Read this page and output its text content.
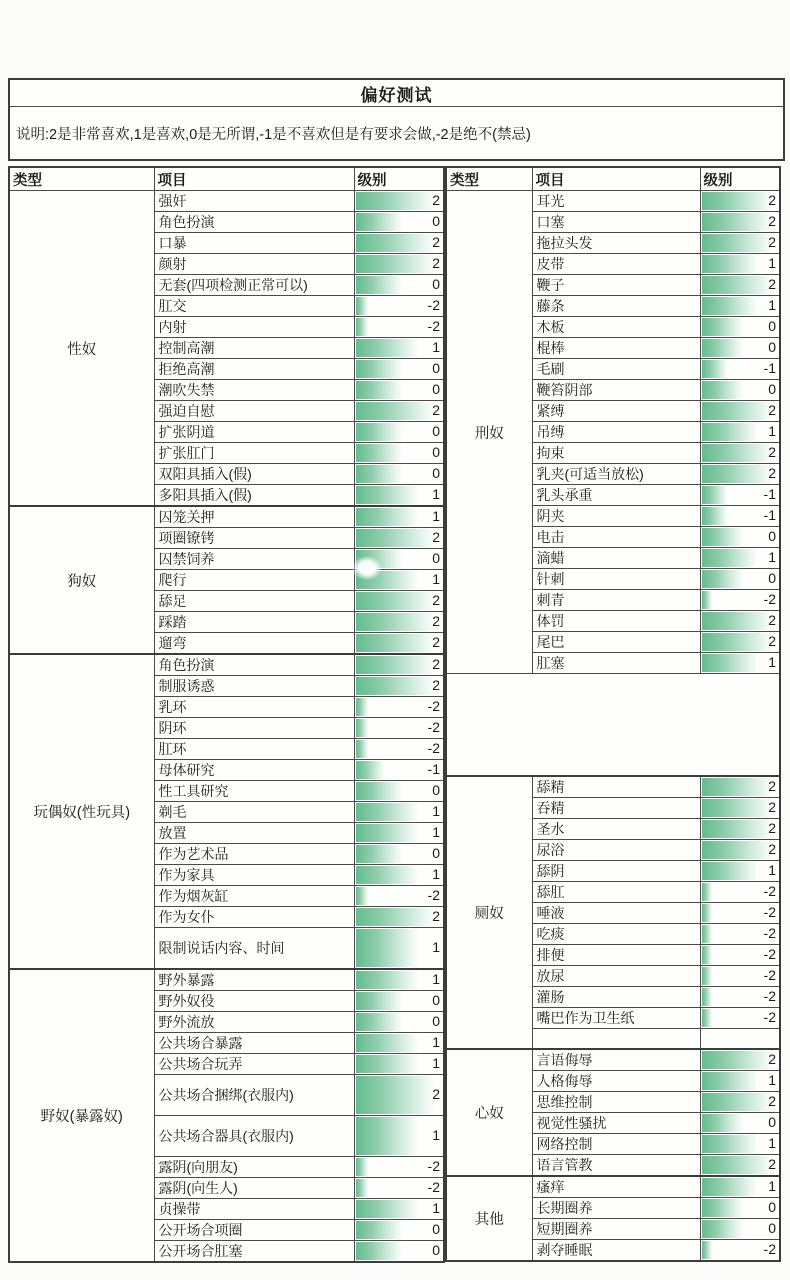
偏好测试
说明:2是非常喜欢,1是喜欢,0是无所谓,-1是不喜欢但是有要求会做,-2是绝不(禁忌)
类型	项目	级别
性奴	强奸	2
	角色扮演	0
	口暴	2
	颜射	2
	无套(四项检测正常可以)	0
	肛交	-2
	内射	-2
	控制高潮	1
	拒绝高潮	0
	潮吹失禁	0
	强迫自慰	2
	扩张阴道	0
	扩张肛门	0
	双阳具插入(假)	0
	多阳具插入(假)	1
狗奴	囚笼关押	1
	项圈镣铐	2
	囚禁饲养	0
	爬行	1
	舔足	2
	踩踏	2
	遛弯	2
玩偶奴(性玩具)	角色扮演	2
	制服诱惑	2
	乳环	-2
	阴环	-2
	肛环	-2
	母体研究	-1
	性工具研究	0
	剃毛	1
	放置	1
	作为艺术品	0
	作为家具	1
	作为烟灰缸	-2
	作为女仆	2
	限制说话内容、时间	1
野奴(暴露奴)	野外暴露	1
	野外奴役	0
	野外流放	0
	公共场合暴露	1
	公共场合玩弄	1
	公共场合捆绑(衣服内)	2
	公共场合器具(衣服内)	1
	露阴(向朋友)	-2
	露阴(向生人)	-2
	贞操带	1
	公开场合项圈	0
	公开场合肛塞	0
类型	项目	级别
刑奴	耳光	2
	口塞	2
	拖拉头发	2
	皮带	1
	鞭子	2
	藤条	1
	木板	0
	棍棒	0
	毛刷	-1
	鞭笞阴部	0
	紧缚	2
	吊缚	1
	拘束	2
	乳夹(可适当放松)	2
	乳头承重	-1
	阴夹	-1
	电击	0
	滴蜡	1
	针刺	0
	刺青	-2
	体罚	2
	尾巴	2
	肛塞	1

厕奴	舔精	2
	吞精	2
	圣水	2
	尿浴	2
	舔阴	1
	舔肛	-2
	唾液	-2
	吃痰	-2
	排便	-2
	放尿	-2
	灌肠	-2
	嘴巴作为卫生纸	-2

心奴	言语侮辱	2
	人格侮辱	1
	思维控制	2
	视觉性骚扰	0
	网络控制	1
	语言管教	2
其他	瘙痒	1
	长期圈养	0
	短期圈养	0
	剥夺睡眠	-2
